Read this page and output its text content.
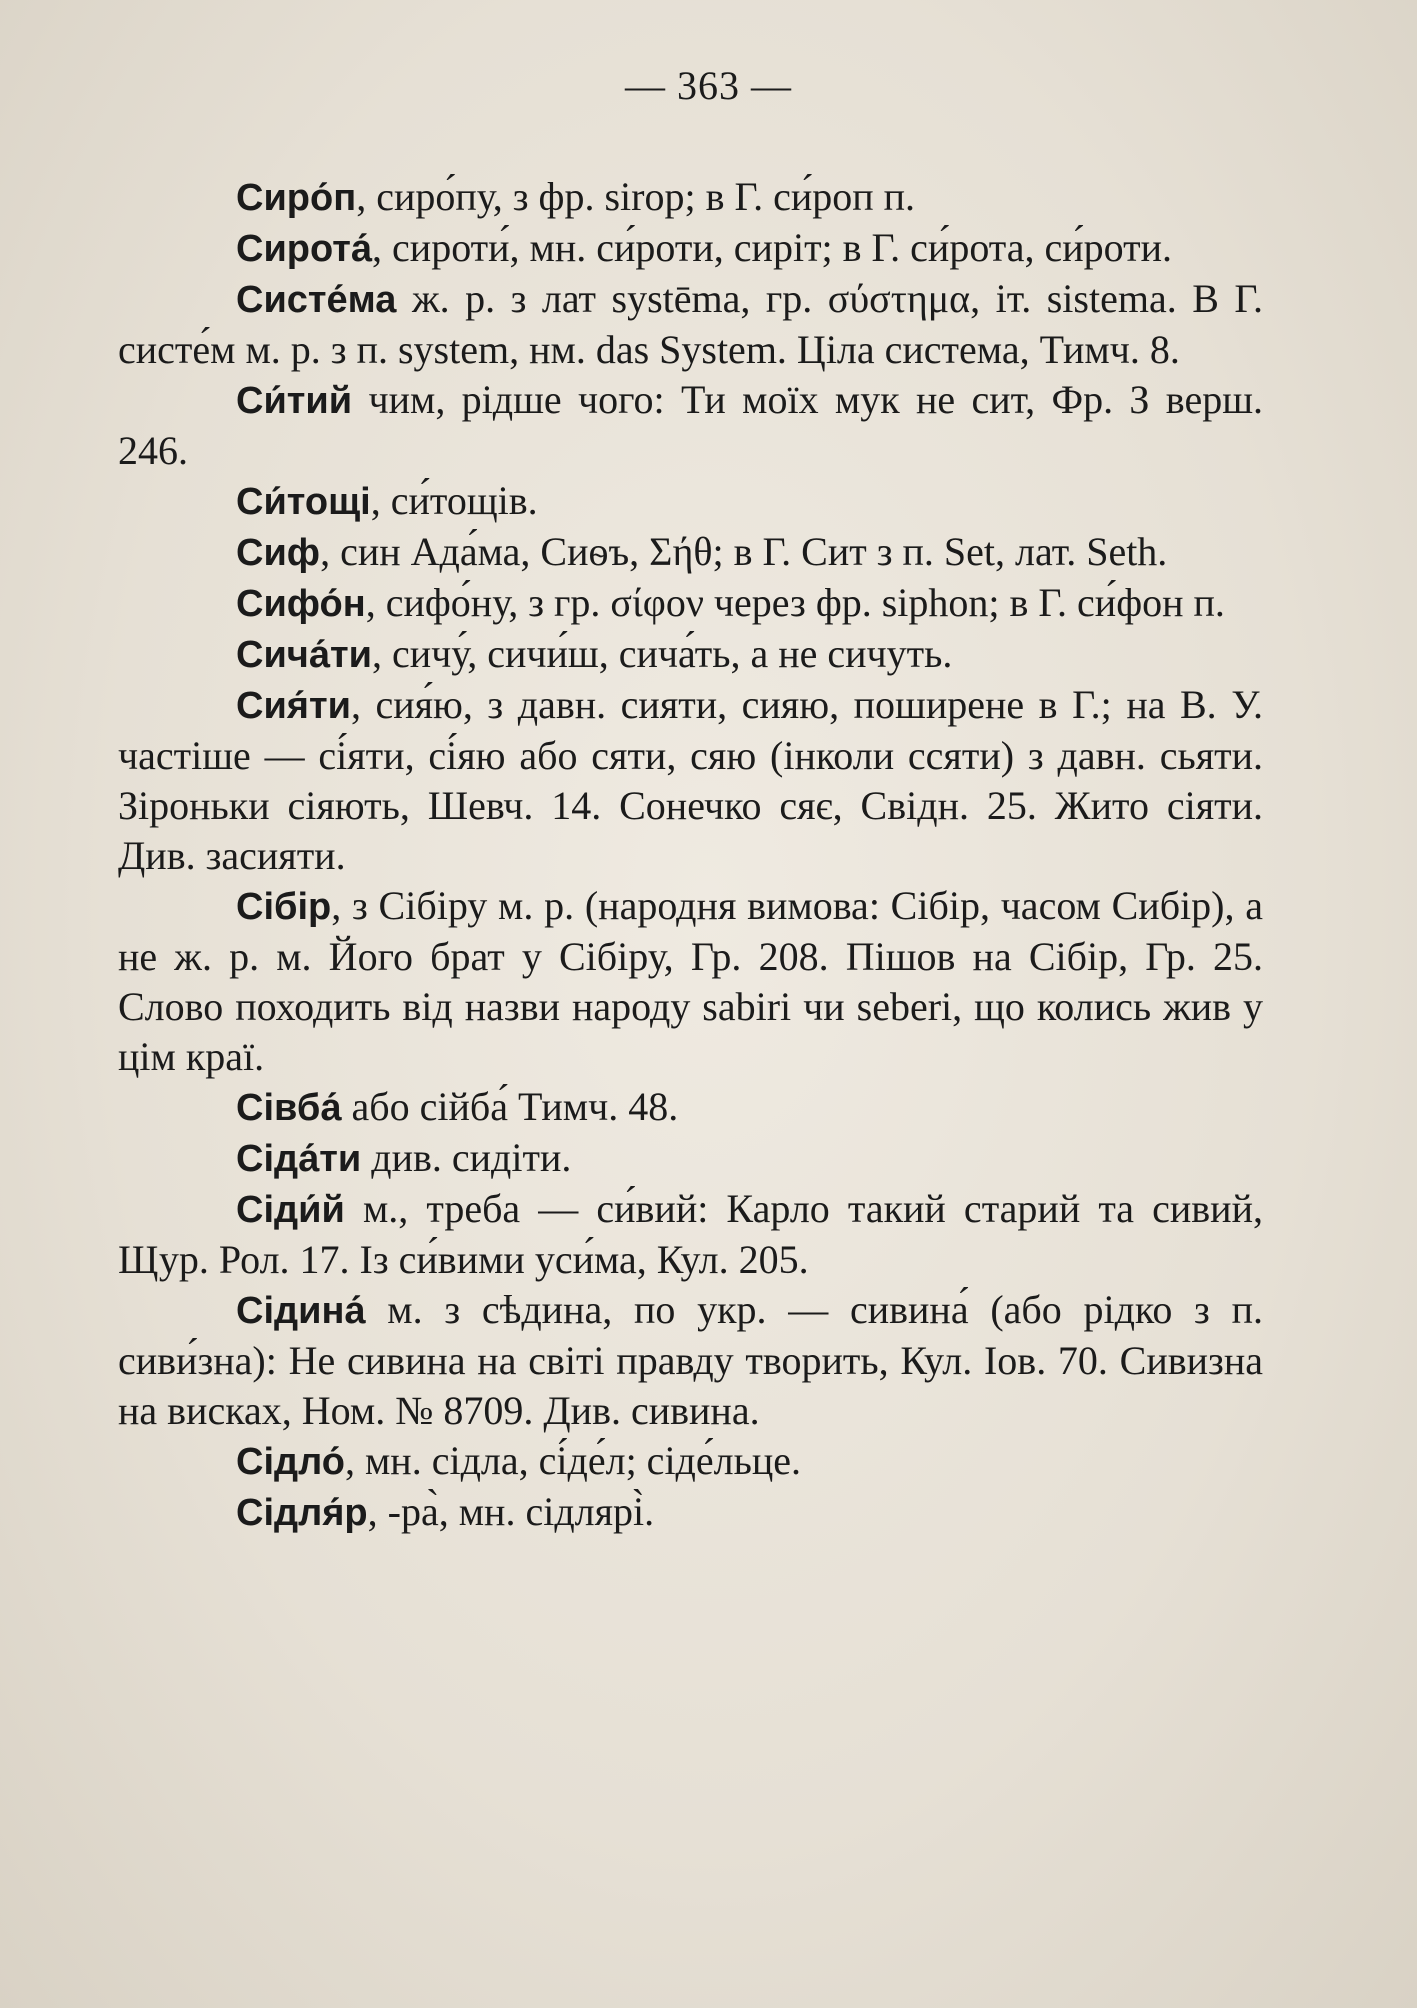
— 363 —

Сиро́п, сиро́пу, з фр. sirop; в Г. си́роп п.

Сирота́, сироти́, мн. си́роти, сиріт; в Г. си́рота, си́роти.

Систе́ма ж. р. з лат systēma, гр. σύστημα, іт. sistema. В Г. систе́м м. р. з п. system, нм. das System. Ціла система, Тимч. 8.

Си́тий чим, рідше чого: Ти моїх мук не сит, Фр. З верш. 246.

Си́тощі, си́тощів.

Сиф, син Ада́ма, Сиѳъ, Σήθ; в Г. Сит з п. Set, лат. Seth.

Сифо́н, сифо́ну, з гр. σίφον через фр. siphon; в Г. си́фон п.

Сича́ти, сичу́, сичи́ш, сича́ть, а не сичуть.

Сия́ти, сия́ю, з давн. сияти, сияю, поширене в Г.; на В. У. частіше — сі́яти, сі́яю або сяти, сяю (інколи ссяти) з давн. сьяти. Зіроньки сіяють, Шевч. 14. Сонечко сяє, Свідн. 25. Жито сіяти. Див. засияти.

Сібір, з Сібіру м. р. (народня вимова: Сібір, часом Сибір), а не ж. р. м. Його брат у Сібіру, Гр. 208. Пішов на Сібір, Гр. 25. Слово походить від назви народу sabiri чи seberi, що колись жив у цім краї.

Сівба́ або сійба́ Тимч. 48.

Сіда́ти див. сидіти.

Сіди́й м., треба — си́вий: Карло такий старий та сивий, Щур. Рол. 17. Із си́вими уси́ма, Кул. 205.

Сідина́ м. з сѣдина, по укр. — сивина́ (або рідко з п. сиви́зна): Не сивина на світі правду творить, Кул. Іов. 70. Сивизна на висках, Ном. № 8709. Див. сивина.

Сідло́, мн. сідла, сі́де́л; сіде́льце.

Сідля́р, -ра̀, мн. сідлярі̀.
